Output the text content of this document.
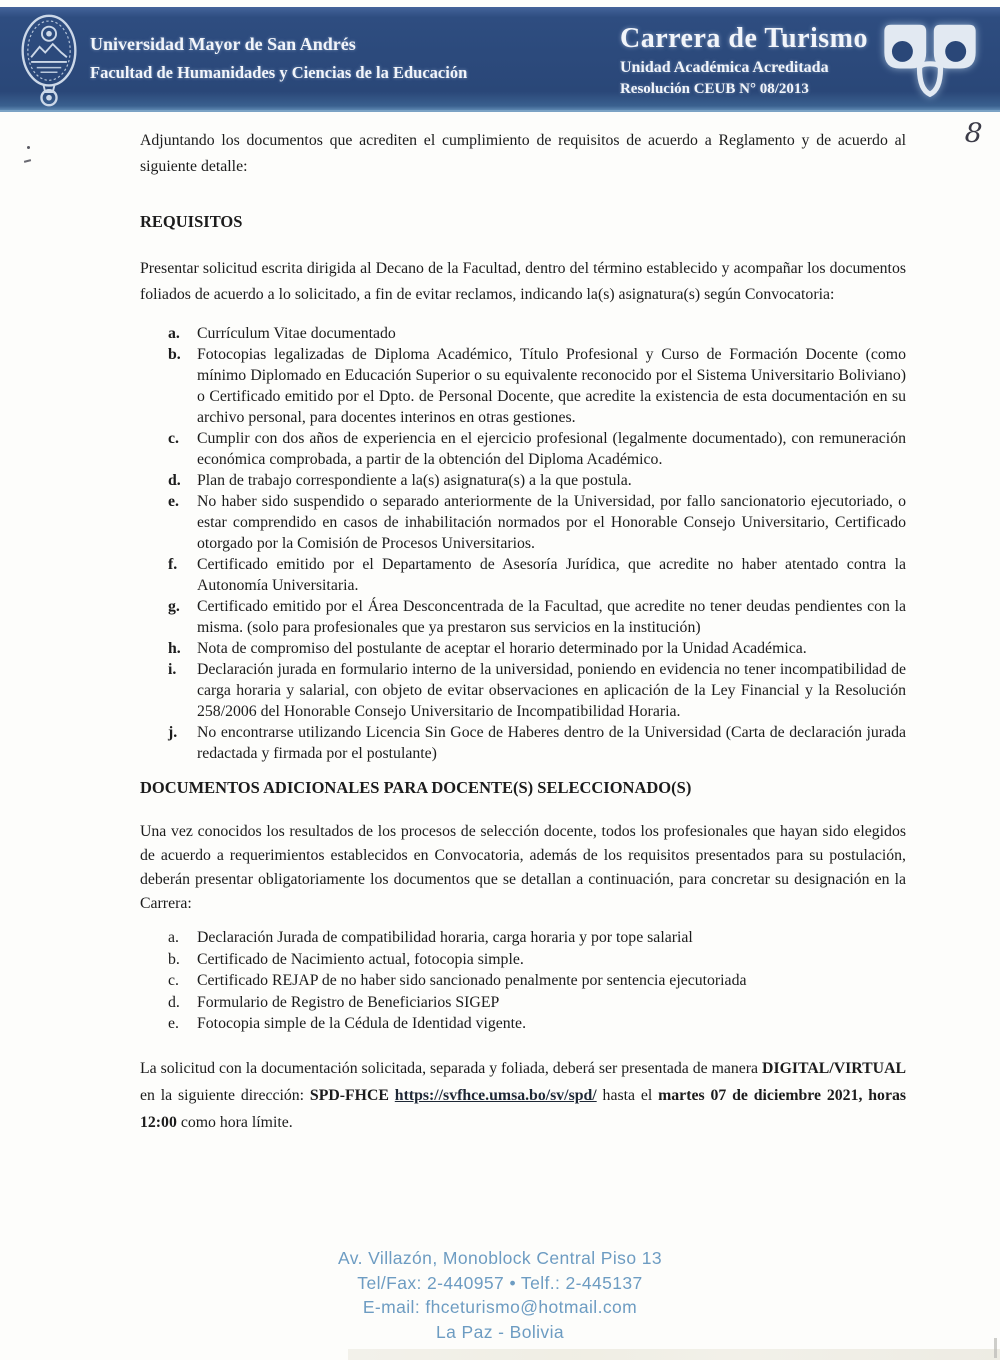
Universidad Mayor de San Andrés
Facultad de Humanidades y Ciencias de la Educación
Carrera de Turismo
Unidad Académica Acreditada
Resolución CEUB N° 08/2013
8

Adjuntando los documentos que acrediten el cumplimiento de requisitos de acuerdo a Reglamento y de acuerdo al siguiente detalle:

REQUISITOS

Presentar solicitud escrita dirigida al Decano de la Facultad, dentro del término establecido y acompañar los documentos foliados de acuerdo a lo solicitado, a fin de evitar reclamos, indicando la(s) asignatura(s) según Convocatoria:

a. Currículum Vitae documentado
b. Fotocopias legalizadas de Diploma Académico, Título Profesional y Curso de Formación Docente (como mínimo Diplomado en Educación Superior o su equivalente reconocido por el Sistema Universitario Boliviano) o Certificado emitido por el Dpto. de Personal Docente, que acredite la existencia de esta documentación en su archivo personal, para docentes interinos en otras gestiones.
c. Cumplir con dos años de experiencia en el ejercicio profesional (legalmente documentado), con remuneración económica comprobada, a partir de la obtención del Diploma Académico.
d. Plan de trabajo correspondiente a la(s) asignatura(s) a la que postula.
e. No haber sido suspendido o separado anteriormente de la Universidad, por fallo sancionatorio ejecutoriado, o estar comprendido en casos de inhabilitación normados por el Honorable Consejo Universitario, Certificado otorgado por la Comisión de Procesos Universitarios.
f. Certificado emitido por el Departamento de Asesoría Jurídica, que acredite no haber atentado contra la Autonomía Universitaria.
g. Certificado emitido por el Área Desconcentrada de la Facultad, que acredite no tener deudas pendientes con la misma. (solo para profesionales que ya prestaron sus servicios en la institución)
h. Nota de compromiso del postulante de aceptar el horario determinado por la Unidad Académica.
i. Declaración jurada en formulario interno de la universidad, poniendo en evidencia no tener incompatibilidad de carga horaria y salarial, con objeto de evitar observaciones en aplicación de la Ley Financial y la Resolución 258/2006 del Honorable Consejo Universitario de Incompatibilidad Horaria.
j. No encontrarse utilizando Licencia Sin Goce de Haberes dentro de la Universidad (Carta de declaración jurada redactada y firmada por el postulante)
DOCUMENTOS ADICIONALES PARA DOCENTE(S) SELECCIONADO(S)

Una vez conocidos los resultados de los procesos de selección docente, todos los profesionales que hayan sido elegidos de acuerdo a requerimientos establecidos en Convocatoria, además de los requisitos presentados para su postulación, deberán presentar obligatoriamente los documentos que se detallan a continuación, para concretar su designación en la Carrera:

a. Declaración Jurada de compatibilidad horaria, carga horaria y por tope salarial
b. Certificado de Nacimiento actual, fotocopia simple.
c. Certificado REJAP de no haber sido sancionado penalmente por sentencia ejecutoriada
d. Formulario de Registro de Beneficiarios SIGEP
e. Fotocopia simple de la Cédula de Identidad vigente.

La solicitud con la documentación solicitada, separada y foliada, deberá ser presentada de manera DIGITAL/VIRTUAL en la siguiente dirección: SPD-FHCE https://svfhce.umsa.bo/sv/spd/ hasta el martes 07 de diciembre 2021, horas 12:00 como hora límite.

Av. Villazón, Monoblock Central Piso 13
Tel/Fax: 2-440957 • Telf.: 2-445137
E-mail: fhceturismo@hotmail.com
La Paz - Bolivia
